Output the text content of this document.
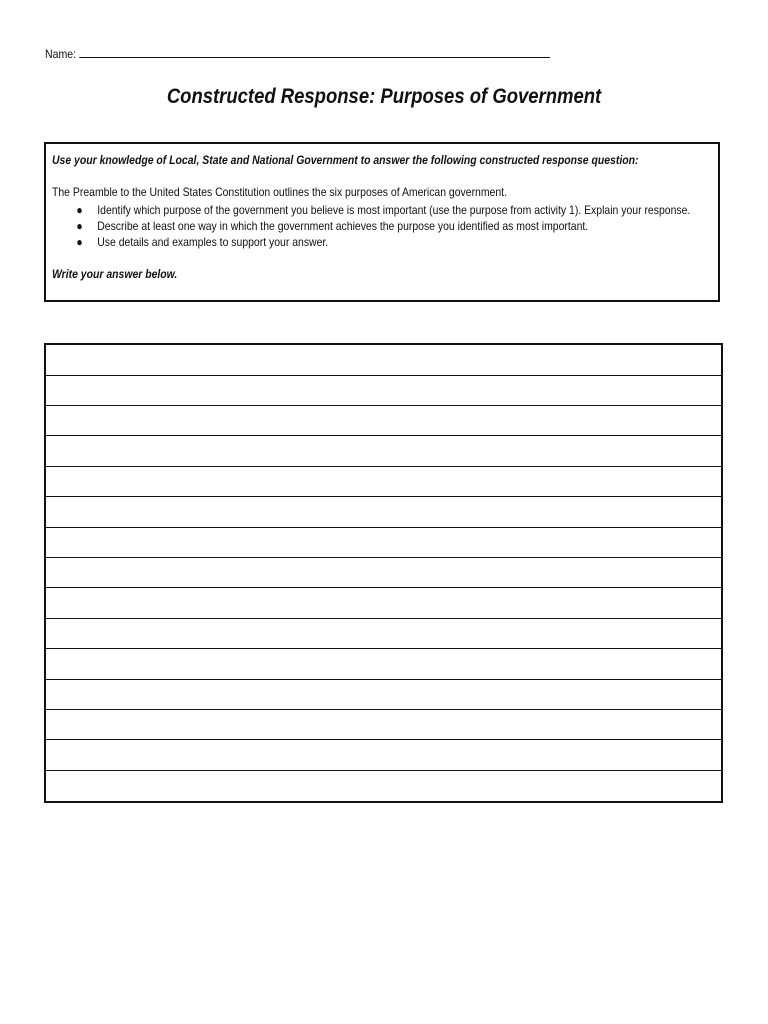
Name:
Constructed Response: Purposes of Government

Use your knowledge of Local, State and National Government to answer the following constructed response question:

The Preamble to the United States Constitution outlines the six purposes of American government.

● Identify which purpose of the government you believe is most important (use the purpose from activity 1). Explain your response.
● Describe at least one way in which the government achieves the purpose you identified as most important.
● Use details and examples to support your answer.

Write your answer below.
